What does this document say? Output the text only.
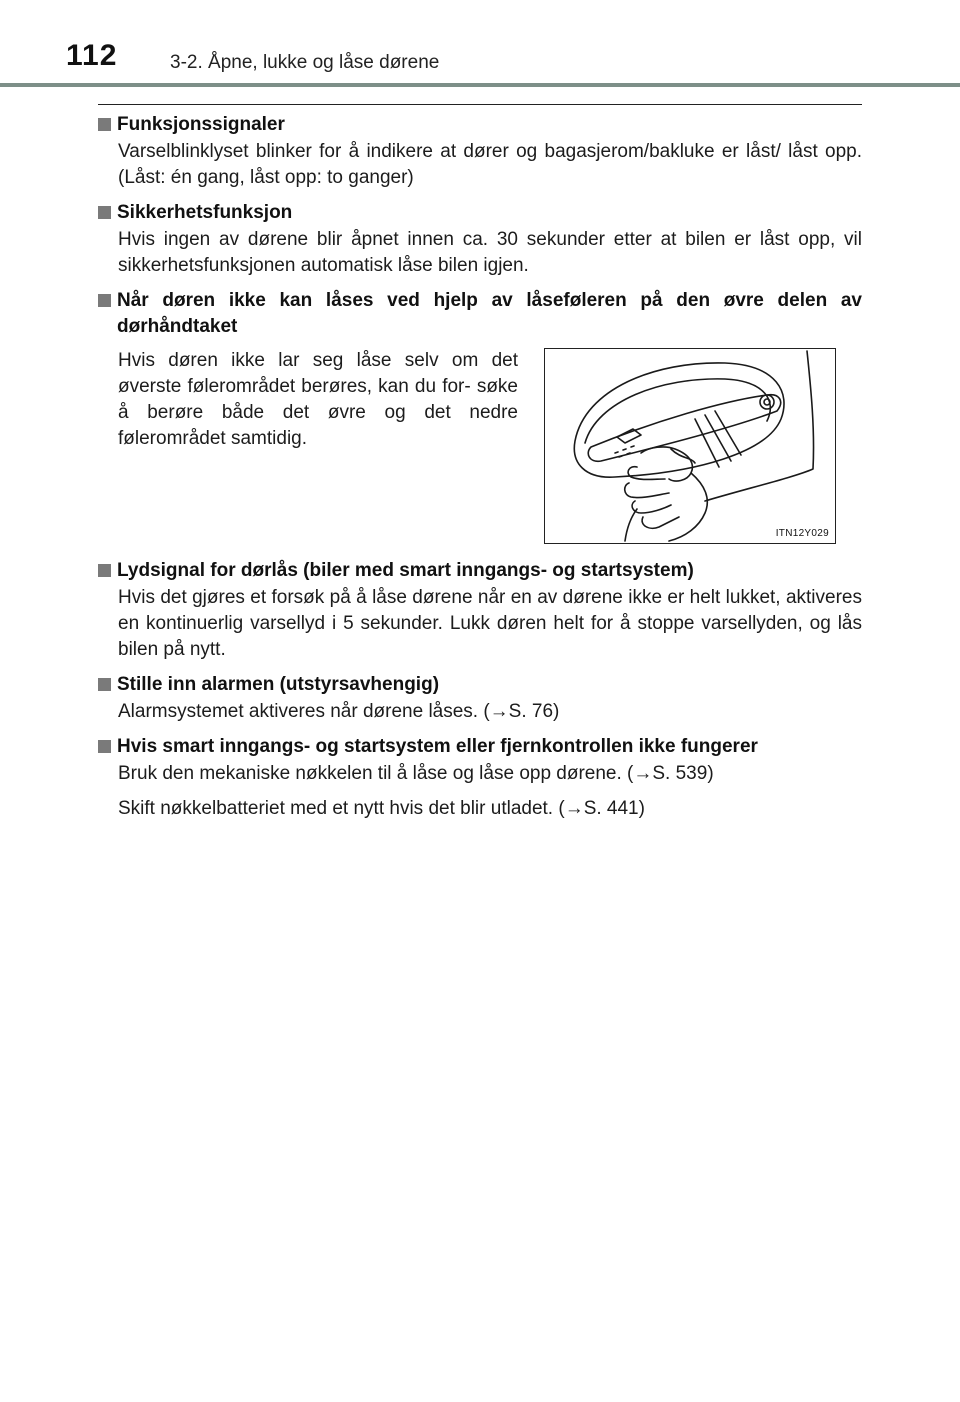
112	3-2. Åpne, lukke og låse dørene
Funksjonssignaler
Varselblinklyset blinker for å indikere at dører og bagasjerom/bakluke er låst/ låst opp. (Låst: én gang, låst opp: to ganger)
Sikkerhetsfunksjon
Hvis ingen av dørene blir åpnet innen ca. 30 sekunder etter at bilen er låst opp, vil sikkerhetsfunksjonen automatisk låse bilen igjen.
Når døren ikke kan låses ved hjelp av låseføleren på den øvre delen av dørhåndtaket
Hvis døren ikke lar seg låse selv om det øverste følerområdet berøres, kan du for- søke å berøre både det øvre og det nedre følerområdet samtidig.
ITN12Y029
Lydsignal for dørlås (biler med smart inngangs- og startsystem)
Hvis det gjøres et forsøk på å låse dørene når en av dørene ikke er helt lukket, aktiveres en kontinuerlig varsellyd i 5 sekunder. Lukk døren helt for å stoppe varsellyden, og lås bilen på nytt.
Stille inn alarmen (utstyrsavhengig)
Alarmsystemet aktiveres når dørene låses. (→S. 76)
Hvis smart inngangs- og startsystem eller fjernkontrollen ikke fungerer
Bruk den mekaniske nøkkelen til å låse og låse opp dørene. (→S. 539)
Skift nøkkelbatteriet med et nytt hvis det blir utladet. (→S. 441)
